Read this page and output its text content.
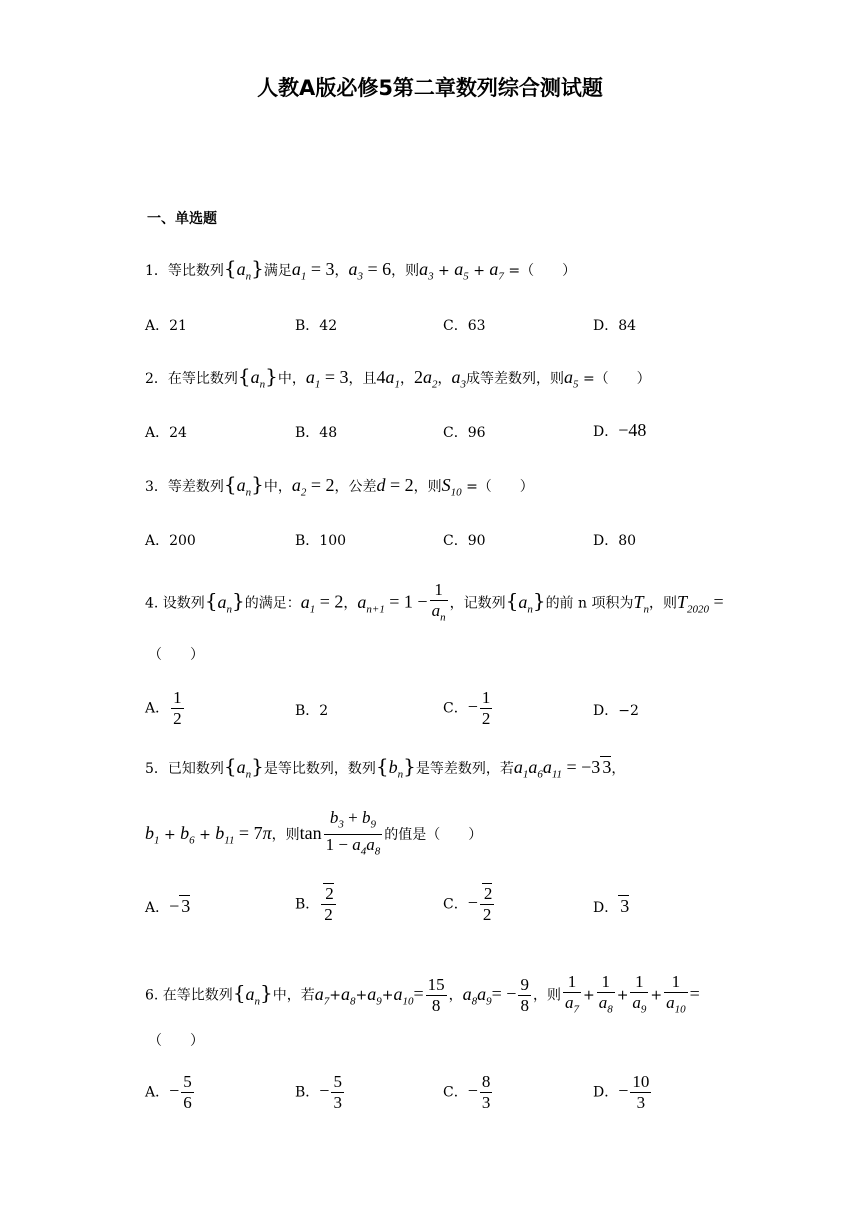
人教A版必修5第二章数列综合测试题
一、单选题
1．等比数列$\{a_n\}$满足$a_1 = 3$，$a_3 = 6$，则$a_3 + a_5 + a_7$ =（　　）
A．21	B．42	C．63	D．84
2．在等比数列$\{a_n\}$中，$a_1 = 3$，且$4a_1$，$2a_2$，$a_3$成等差数列，则$a_5$ =（　　）
A．24	B．48	C．96	D．−48
3．等差数列$\{a_n\}$中，$a_2 = 2$，公差d = 2，则$S_{10}$ =（　　）
A．200	B．100	C．90	D．80
4. 设数列$\{a_n\}$的满足：$a_1 = 2$，$a_{n+1} = 1 - \frac{1}{a_n}$ ，记数列$\{a_n\}$的前 n 项积为$T_n$，则$T_{2020}$ =
（　　）
A． $\frac{1}{2}$	B．2	C．− $\frac{1}{2}$	D．−2
5．已知数列$\{a_n\}$是等比数列，数列$\{b_n\}$是等差数列，若$a_1a_6a_{11} = -3$ 3，
$b_1 + b_6 + b_{11} = 7\pi$，则$\tan \frac{b_3 + b_9}{1 - a_4a_8}$ 的值是（　　）
A．− 3	B． $\frac{2}{2}$	C．− $\frac{2}{2}$	D． 3
6. 在等比数列$\{a_n\}$中，若$a_7+a_8+a_9+a_{10}= \frac{15}{8}$ ，$a_8a_9= - \frac{9}{8}$ ，则 $\frac{1}{a_7} + \frac{1}{a_8} + \frac{1}{a_9} + \frac{1}{a_{10}}$ =
（　　）
A．− $\frac{5}{6}$	B．− $\frac{5}{3}$	C．− $\frac{8}{3}$	D．− $\frac{10}{3}$
